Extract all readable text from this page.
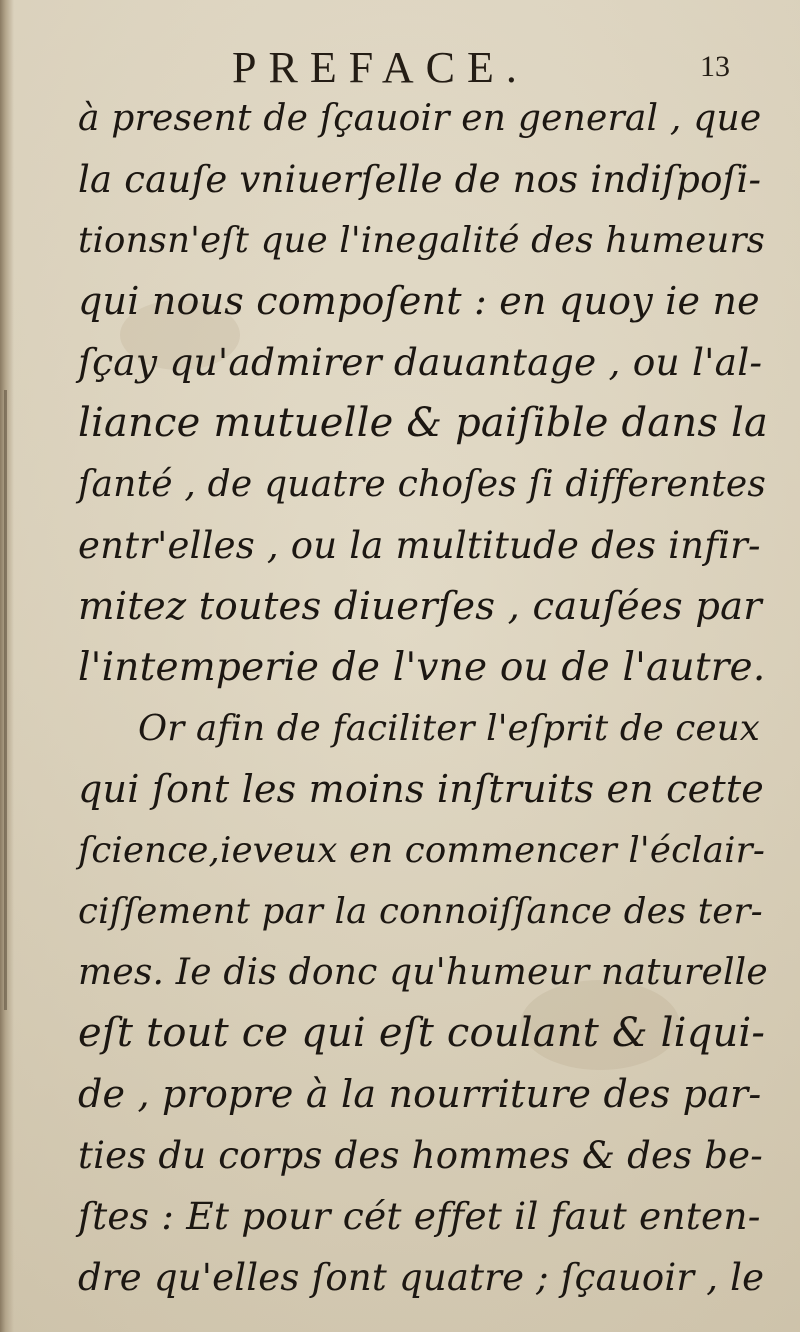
PREFACE.	13
à present de ſçauoir en general , que
la cauſe vniuerſelle de nos indiſpoſi-
tionsn'eſt que l'inegalité des humeurs
qui nous compoſent : en quoy ie ne
ſçay qu'admirer dauantage , ou l'al-
liance mutuelle & paiſible dans la
ſanté , de quatre choſes ſi differentes
entr'elles , ou la multitude des infir-
mitez toutes diuerſes , cauſées par
l'intemperie de l'vne ou de l'autre.
Or afin de faciliter l'eſprit de ceux
qui ſont les moins inſtruits en cette
ſcience,ieveux en commencer l'éclair-
ciſſement par la connoiſſance des ter-
mes. Ie dis donc qu'humeur naturelle
eſt tout ce qui eſt coulant & liqui-
de , propre à la nourriture des par-
ties du corps des hommes & des be-
ſtes : Et pour cét effet il faut enten-
dre qu'elles ſont quatre ; ſçauoir , le
